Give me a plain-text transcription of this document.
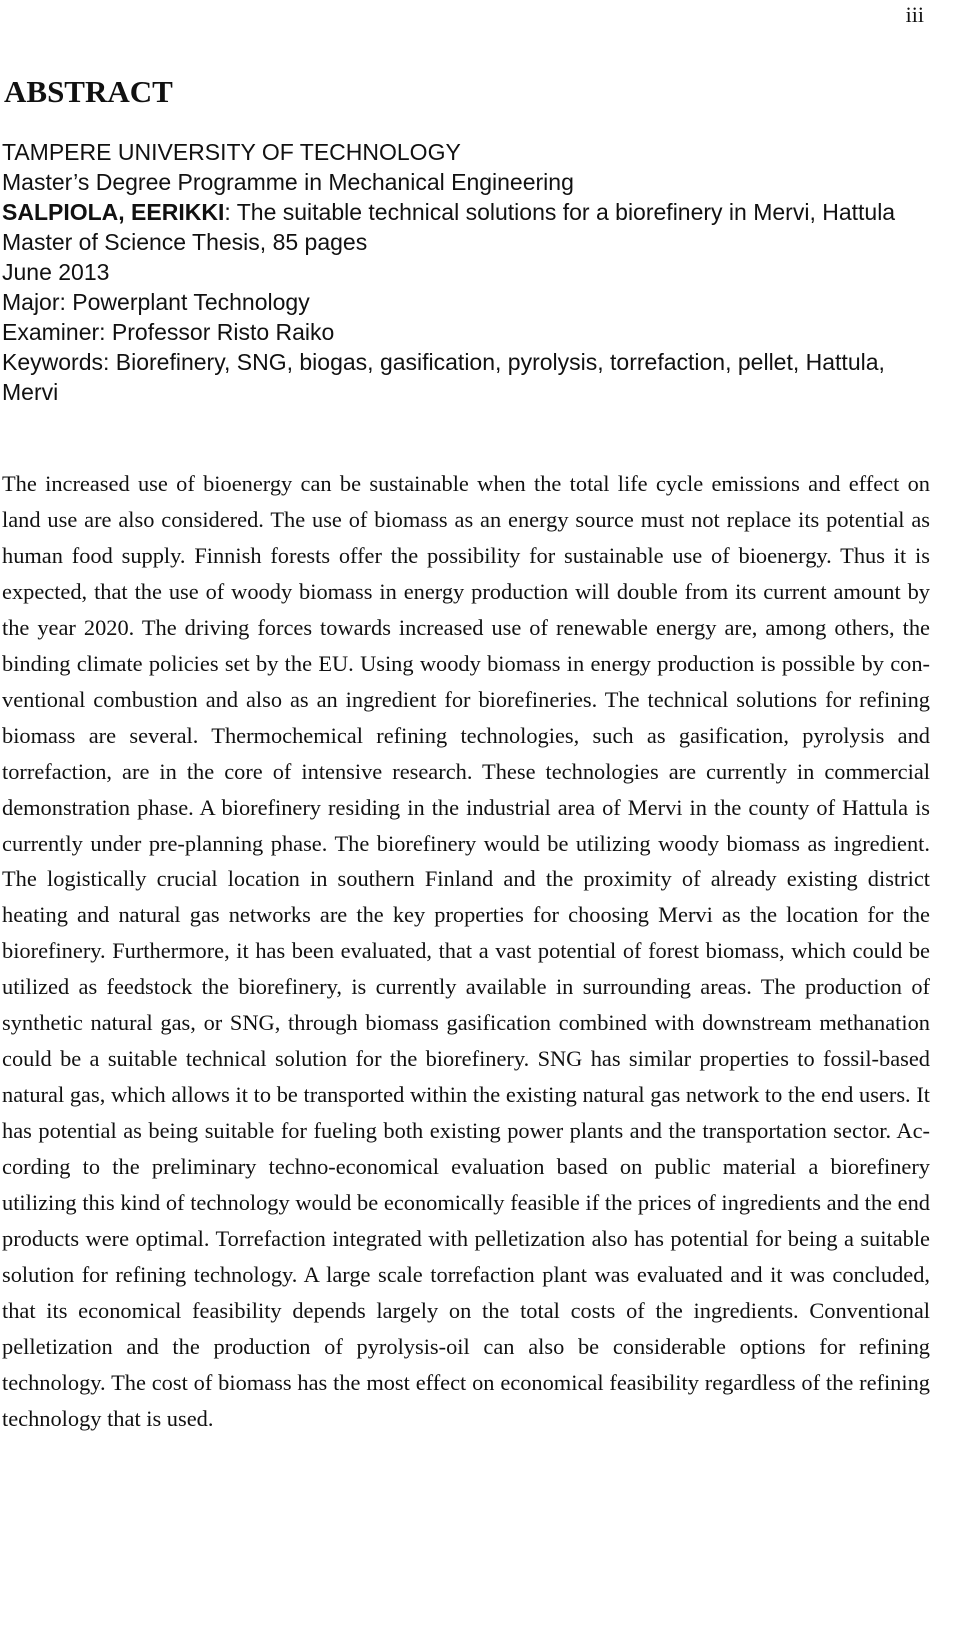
iii
ABSTRACT
TAMPERE UNIVERSITY OF TECHNOLOGY
Master’s Degree Programme in Mechanical Engineering
SALPIOLA, EERIKKI: The suitable technical solutions for a biorefinery in Mervi, Hattula
Master of Science Thesis, 85 pages
June 2013
Major: Powerplant Technology
Examiner: Professor Risto Raiko
Keywords: Biorefinery, SNG, biogas, gasification, pyrolysis, torrefaction, pellet, Hattula, Mervi

The increased use of bioenergy can be sustainable when the total life cycle emissions and effect on land use are also considered. The use of biomass as an energy source must not replace its potential as human food supply. Finnish forests offer the possibility for sustainable use of bioenergy. Thus it is expected, that the use of woody biomass in energy production will double from its current amount by the year 2020. The driving forces towards increased use of renewable energy are, among others, the binding climate policies set by the EU. Using woody biomass in energy production is possible by conventional combustion and also as an ingredient for biorefineries. The technical solutions for refining biomass are several. Thermochemical refining technologies, such as gasification, pyrolysis and torrefaction, are in the core of intensive research. These technologies are currently in commercial demonstration phase. A biorefinery residing in the industrial area of Mervi in the county of Hattula is currently under pre-planning phase. The biorefinery would be utilizing woody biomass as ingredient. The logistically crucial location in southern Finland and the proximity of already existing district heating and natural gas networks are the key properties for choosing Mervi as the location for the biorefinery. Furthermore, it has been evaluated, that a vast potential of forest biomass, which could be utilized as feedstock the biorefinery, is currently available in surrounding areas. The production of synthetic natural gas, or SNG, through biomass gasification combined with downstream methanation could be a suitable technical solution for the biorefinery. SNG has similar properties to fossil-based natural gas, which allows it to be transported within the existing natural gas network to the end users. It has potential as being suitable for fueling both existing power plants and the transportation sector. According to the preliminary techno-economical evaluation based on public material a biorefinery utilizing this kind of technology would be economically feasible if the prices of ingredients and the end products were optimal. Torrefaction integrated with pelletization also has potential for being a suitable solution for refining technology. A large scale torrefaction plant was evaluated and it was concluded, that its economical feasibility depends largely on the total costs of the ingredients. Conventional pelletization and the production of pyrolysis-oil can also be considerable options for refining technology. The cost of biomass has the most effect on economical feasibility regardless of the refining technology that is used.
